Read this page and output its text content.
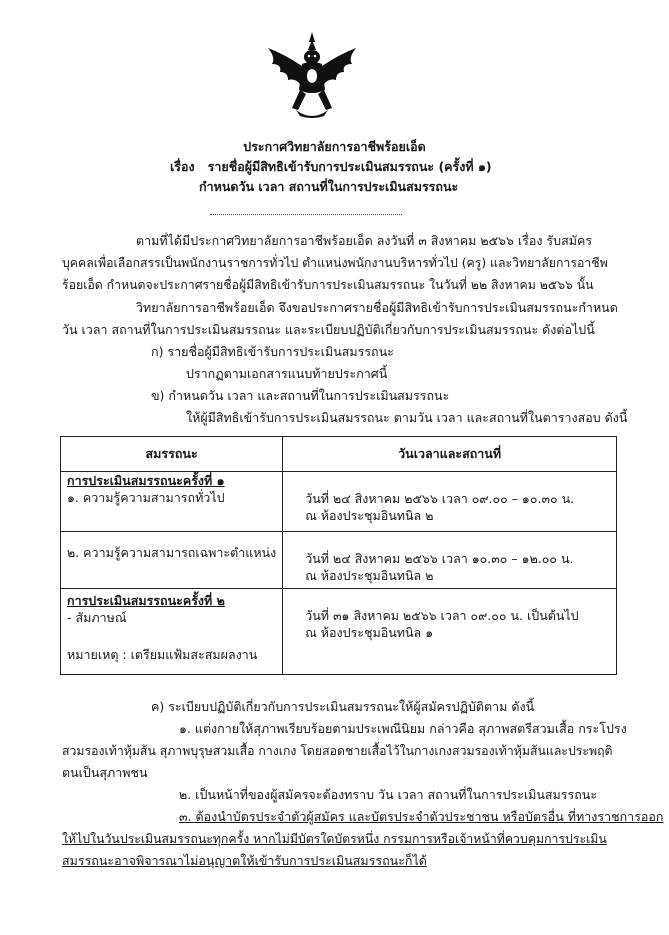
ประกาศวิทยาลัยการอาชีพร้อยเอ็ด
เรื่อง รายชื่อผู้มีสิทธิเข้ารับการประเมินสมรรถนะ (ครั้งที่ ๑)
กำหนดวัน เวลา สถานที่ในการประเมินสมรรถนะ
ตามที่ได้มีประกาศวิทยาลัยการอาชีพร้อยเอ็ด ลงวันที่ ๓ สิงหาคม ๒๕๖๖ เรื่อง รับสมัคร
บุคคลเพื่อเลือกสรรเป็นพนักงานราชการทั่วไป ตำแหน่งพนักงานบริหารทั่วไป (ครู) และวิทยาลัยการอาชีพ
ร้อยเอ็ด กำหนดจะประกาศรายชื่อผู้มีสิทธิเข้ารับการประเมินสมรรถนะ ในวันที่ ๒๒ สิงหาคม ๒๕๖๖ นั้น
วิทยาลัยการอาชีพร้อยเอ็ด จึงขอประกาศรายชื่อผู้มีสิทธิเข้ารับการประเมินสมรรถนะกำหนด
วัน เวลา สถานที่ในการประเมินสมรรถนะ และระเบียบปฏิบัติเกี่ยวกับการประเมินสมรรถนะ ดังต่อไปนี้
ก) รายชื่อผู้มีสิทธิเข้ารับการประเมินสมรรถนะ
ปรากฏตามเอกสารแนบท้ายประกาศนี้
ข) กำหนดวัน เวลา และสถานที่ในการประเมินสมรรถนะ
ให้ผู้มีสิทธิเข้ารับการประเมินสมรรถนะ ตามวัน เวลา และสถานที่ในตารางสอบ ดังนี้
สมรรถนะ	วันเวลาและสถานที่

การประเมินสมรรถนะครั้งที่ ๑
๑. ความรู้ความสามารถทั่วไป	วันที่ ๒๔ สิงหาคม ๒๕๖๖ เวลา ๐๙.๐๐ – ๑๐.๓๐ น.
ณ ห้องประชุมอินทนิล ๒

๒. ความรู้ความสามารถเฉพาะตำแหน่ง	วันที่ ๒๔ สิงหาคม ๒๕๖๖ เวลา ๑๐.๓๐ – ๑๒.๐๐ น.
ณ ห้องประชุมอินทนิล ๒

การประเมินสมรรถนะครั้งที่ ๒
- สัมภาษณ์
หมายเหตุ : เตรียมแฟ้มสะสมผลงาน	วันที่ ๓๑ สิงหาคม ๒๕๖๖ เวลา ๐๙.๐๐ น. เป็นต้นไป
ณ ห้องประชุมอินทนิล ๑
ค) ระเบียบปฏิบัติเกี่ยวกับการประเมินสมรรถนะให้ผู้สมัครปฏิบัติตาม ดังนี้
๑. แต่งกายให้สุภาพเรียบร้อยตามประเพณีนิยม กล่าวคือ สุภาพสตรีสวมเสื้อ กระโปรง
สวมรองเท้าหุ้มส้น สุภาพบุรุษสวมเสื้อ กางเกง โดยสอดชายเสื้อไว้ในกางเกงสวมรองเท้าหุ้มส้นและประพฤติ
ตนเป็นสุภาพชน
๒. เป็นหน้าที่ของผู้สมัครจะต้องทราบ วัน เวลา สถานที่ในการประเมินสมรรถนะ
๓. ต้องนำบัตรประจำตัวผู้สมัคร และบัตรประจำตัวประชาชน หรือบัตรอื่น ที่ทางราชการออก
ให้ไปในวันประเมินสมรรถนะทุกครั้ง หากไม่มีบัตรใดบัตรหนึ่ง กรรมการหรือเจ้าหน้าที่ควบคุมการประเมิน
สมรรถนะอาจพิจารณาไม่อนุญาตให้เข้ารับการประเมินสมรรถนะก็ได้
